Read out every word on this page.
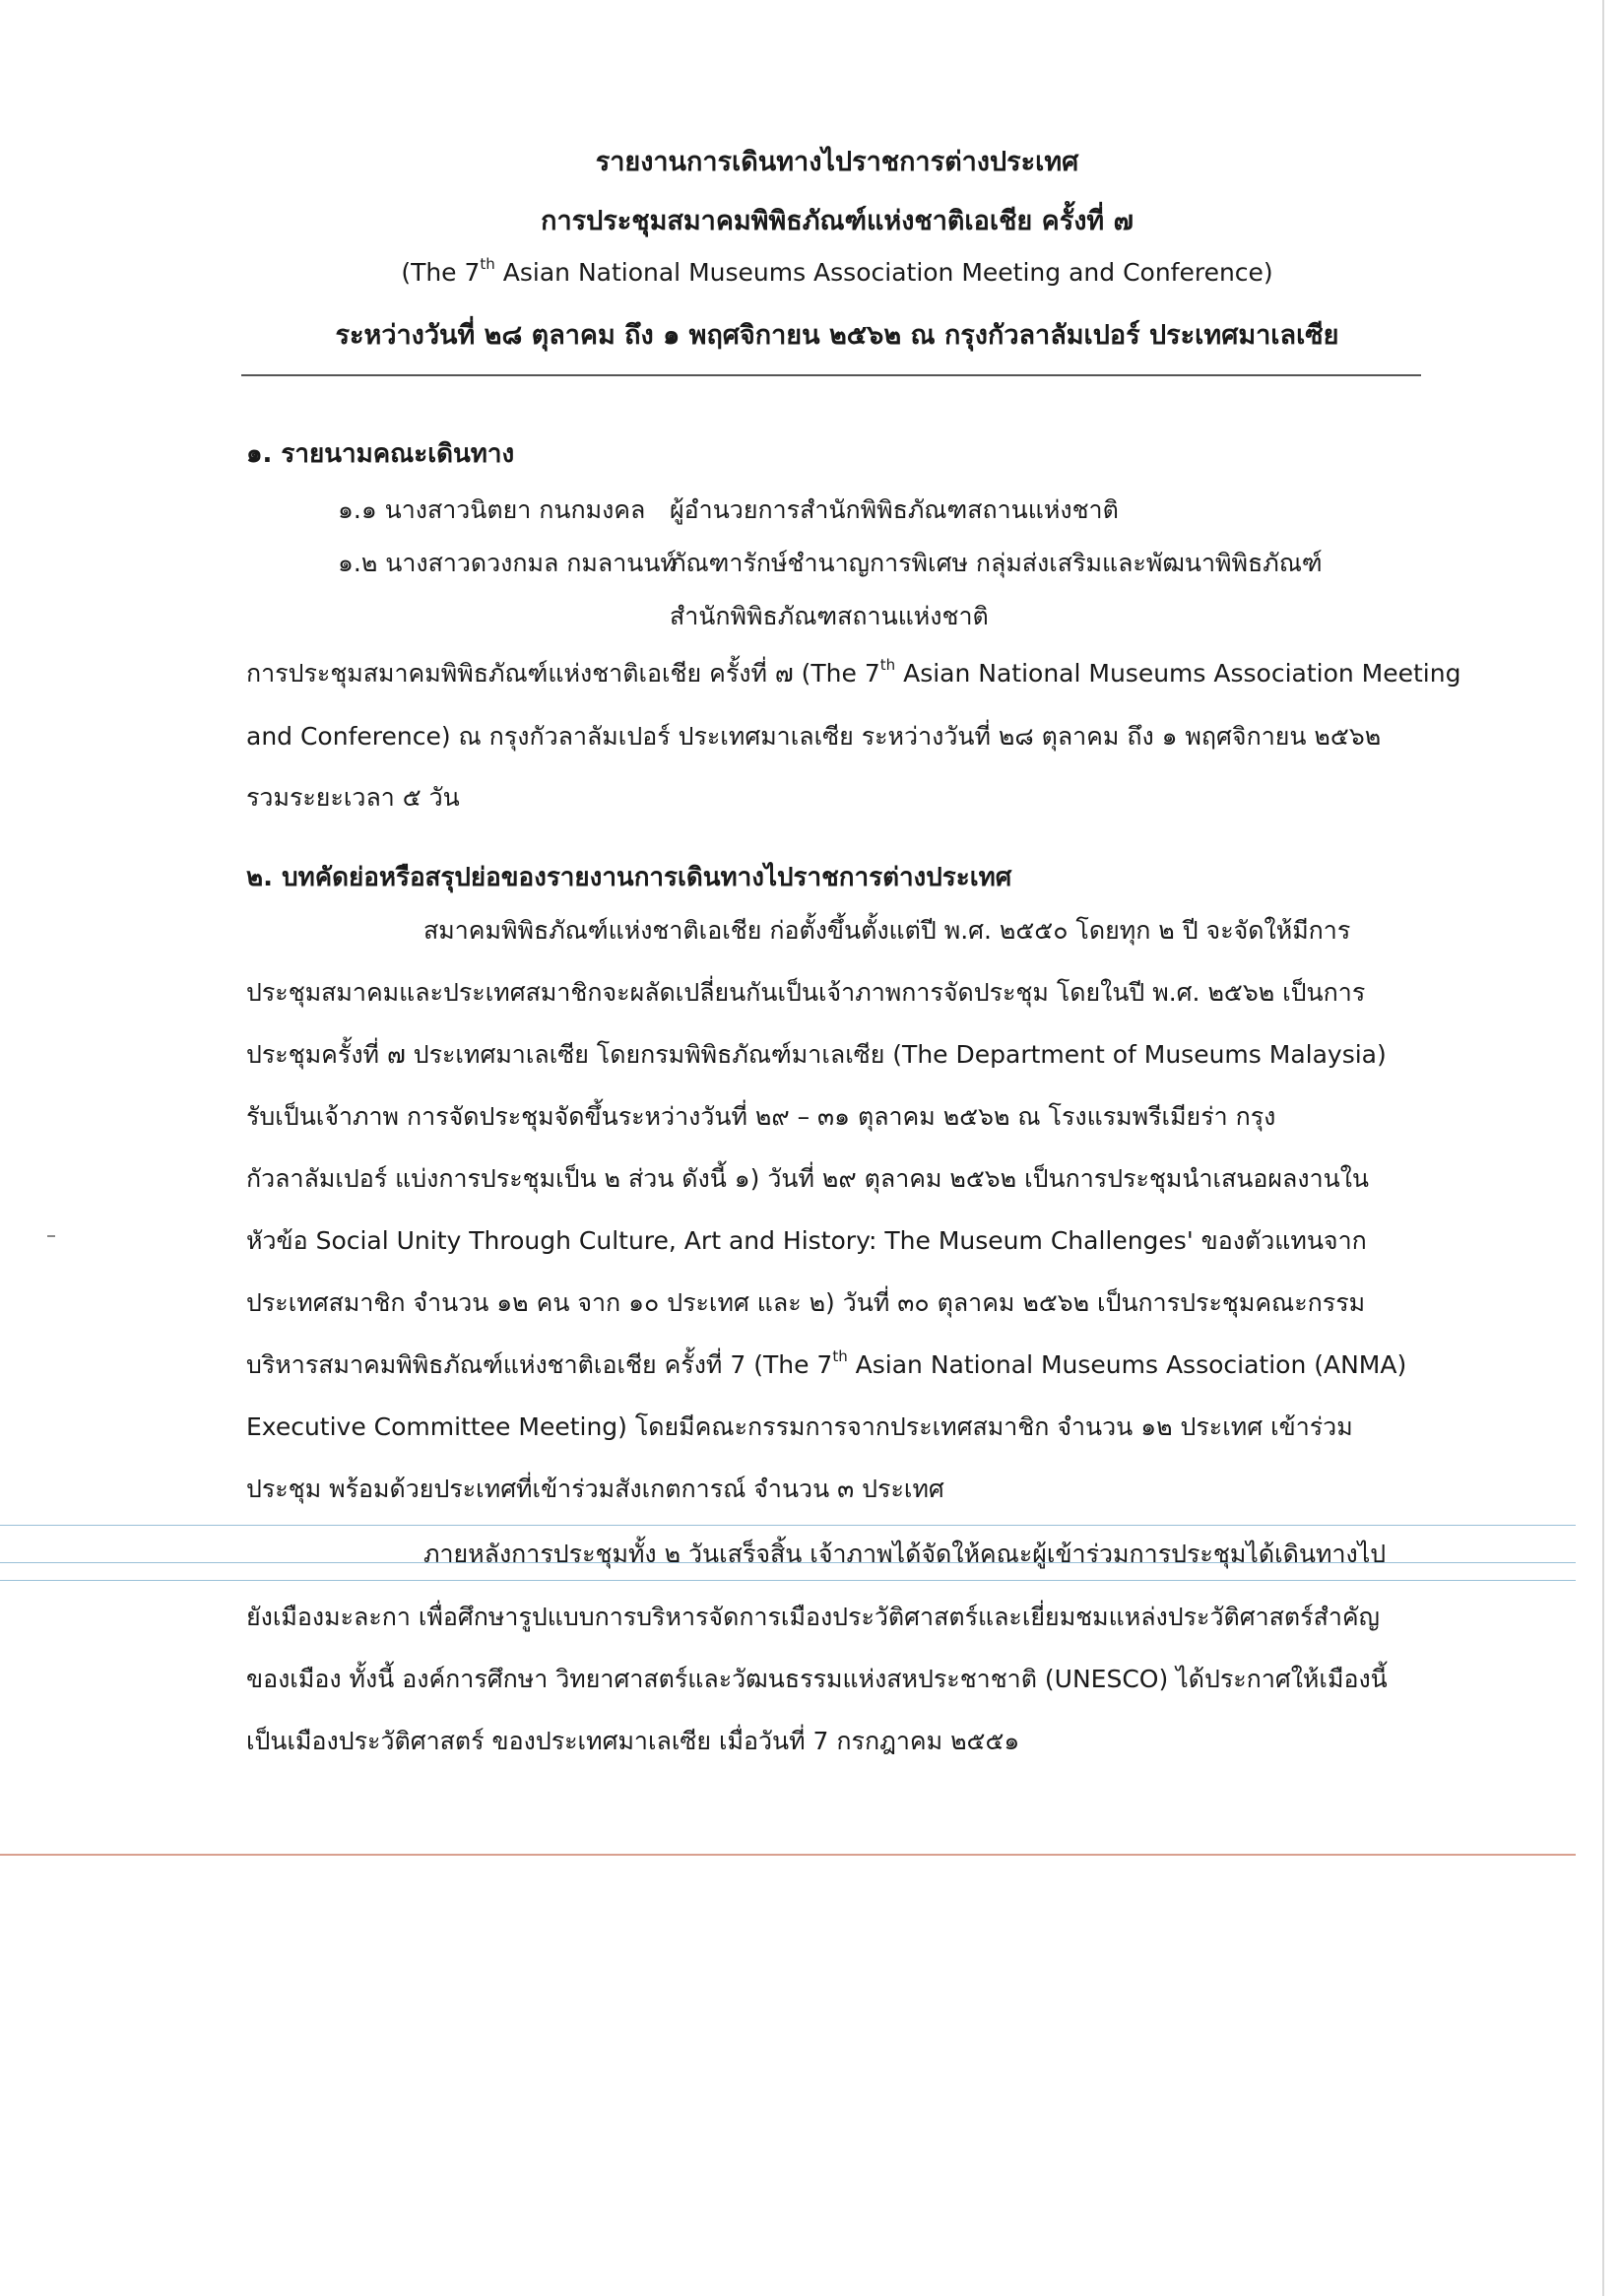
รายงานการเดินทางไปราชการต่างประเทศ

การประชุมสมาคมพิพิธภัณฑ์แห่งชาติเอเชีย ครั้งที่ ๗

(The 7th Asian National Museums Association Meeting and Conference)

ระหว่างวันที่ ๒๘ ตุลาคม ถึง ๑ พฤศจิกายน ๒๕๖๒ ณ กรุงกัวลาลัมเปอร์ ประเทศมาเลเซีย

๑. รายนามคณะเดินทาง

๑.๑ นางสาวนิตยา กนกมงคล ผู้อำนวยการสำนักพิพิธภัณฑสถานแห่งชาติ
๑.๒ นางสาวดวงกมล กมลานนท์
ภัณฑารักษ์ชำนาญการพิเศษ กลุ่มส่งเสริมและพัฒนาพิพิธภัณฑ์
สำนักพิพิธภัณฑสถานแห่งชาติ

การประชุมสมาคมพิพิธภัณฑ์แห่งชาติเอเชีย ครั้งที่ ๗ (The 7th Asian National Museums Association Meeting

and Conference) ณ กรุงกัวลาลัมเปอร์ ประเทศมาเลเซีย ระหว่างวันที่ ๒๘ ตุลาคม ถึง ๑ พฤศจิกายน ๒๕๖๒

รวมระยะเวลา ๕ วัน

๒. บทคัดย่อหรือสรุปย่อของรายงานการเดินทางไปราชการต่างประเทศ

สมาคมพิพิธภัณฑ์แห่งชาติเอเชีย ก่อตั้งขึ้นตั้งแต่ปี พ.ศ. ๒๕๕๐ โดยทุก ๒ ปี จะจัดให้มีการ

ประชุมสมาคมและประเทศสมาชิกจะผลัดเปลี่ยนกันเป็นเจ้าภาพการจัดประชุม โดยในปี พ.ศ. ๒๕๖๒ เป็นการ

ประชุมครั้งที่ ๗ ประเทศมาเลเซีย โดยกรมพิพิธภัณฑ์มาเลเซีย (The Department of Museums Malaysia)

รับเป็นเจ้าภาพ การจัดประชุมจัดขึ้นระหว่างวันที่ ๒๙ – ๓๑ ตุลาคม ๒๕๖๒ ณ โรงแรมพรีเมียร่า กรุง

กัวลาลัมเปอร์ แบ่งการประชุมเป็น ๒ ส่วน ดังนี้ ๑) วันที่ ๒๙ ตุลาคม ๒๕๖๒ เป็นการประชุมนำเสนอผลงานใน

หัวข้อ Social Unity Through Culture, Art and History: The Museum Challenges' ของตัวแทนจาก

ประเทศสมาชิก จำนวน ๑๒ คน จาก ๑๐ ประเทศ และ ๒) วันที่ ๓๐ ตุลาคม ๒๕๖๒ เป็นการประชุมคณะกรรม

บริหารสมาคมพิพิธภัณฑ์แห่งชาติเอเชีย ครั้งที่ 7 (The 7th Asian National Museums Association (ANMA)

Executive Committee Meeting) โดยมีคณะกรรมการจากประเทศสมาชิก จำนวน ๑๒ ประเทศ เข้าร่วม

ประชุม พร้อมด้วยประเทศที่เข้าร่วมสังเกตการณ์ จำนวน ๓ ประเทศ

ภายหลังการประชุมทั้ง ๒ วันเสร็จสิ้น เจ้าภาพได้จัดให้คณะผู้เข้าร่วมการประชุมได้เดินทางไป

ยังเมืองมะละกา เพื่อศึกษารูปแบบการบริหารจัดการเมืองประวัติศาสตร์และเยี่ยมชมแหล่งประวัติศาสตร์สำคัญ

ของเมือง ทั้งนี้ องค์การศึกษา วิทยาศาสตร์และวัฒนธรรมแห่งสหประชาชาติ (UNESCO) ได้ประกาศให้เมืองนี้

เป็นเมืองประวัติศาสตร์ ของประเทศมาเลเซีย เมื่อวันที่ 7 กรกฎาคม ๒๕๕๑
